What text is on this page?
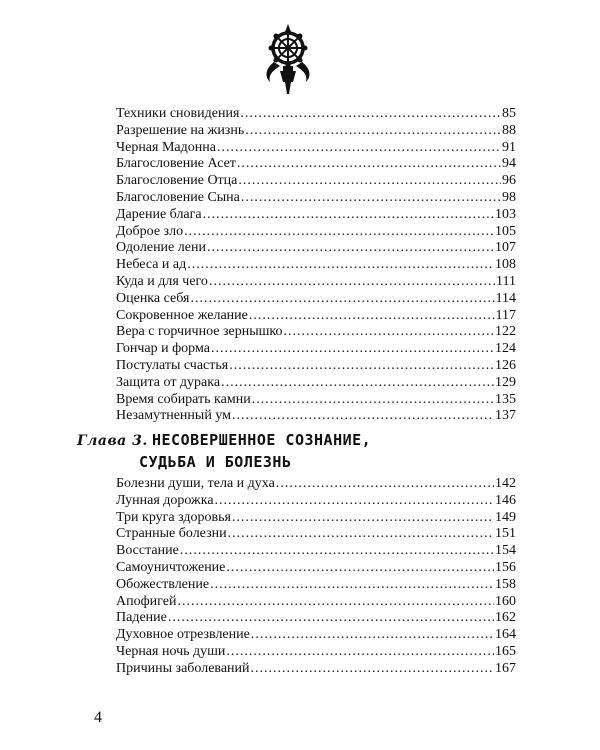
Техники сновидения .....	85
Разрешение на жизнь .....	88
Черная Мадонна .....	91
Благословение Асет .....	94
Благословение Отца .....	96
Благословение Сына .....	98
Дарение блага .....	103
Доброе зло .....	105
Одоление лени .....	107
Небеса и ад .....	108
Куда и для чего .....	111
Оценка себя .....	114
Сокровенное желание .....	117
Вера с горчичное зернышко .....	122
Гончар и форма .....	124
Постулаты счастья .....	126
Защита от дурака .....	129
Время собирать камни .....	135
Незамутненный ум .....	137
Глава 3. НЕСОВЕРШЕННОЕ СОЗНАНИЕ,
СУДЬБА И БОЛЕЗНЬ
Болезни души, тела и духа .....	142
Лунная дорожка .....	146
Три круга здоровья .....	149
Странные болезни .....	151
Восстание .....	154
Самоуничтожение .....	156
Обожествление .....	158
Апофигей .....	160
Падение .....	162
Духовное отрезвление .....	164
Черная ночь души .....	165
Причины заболеваний .....	167
4
